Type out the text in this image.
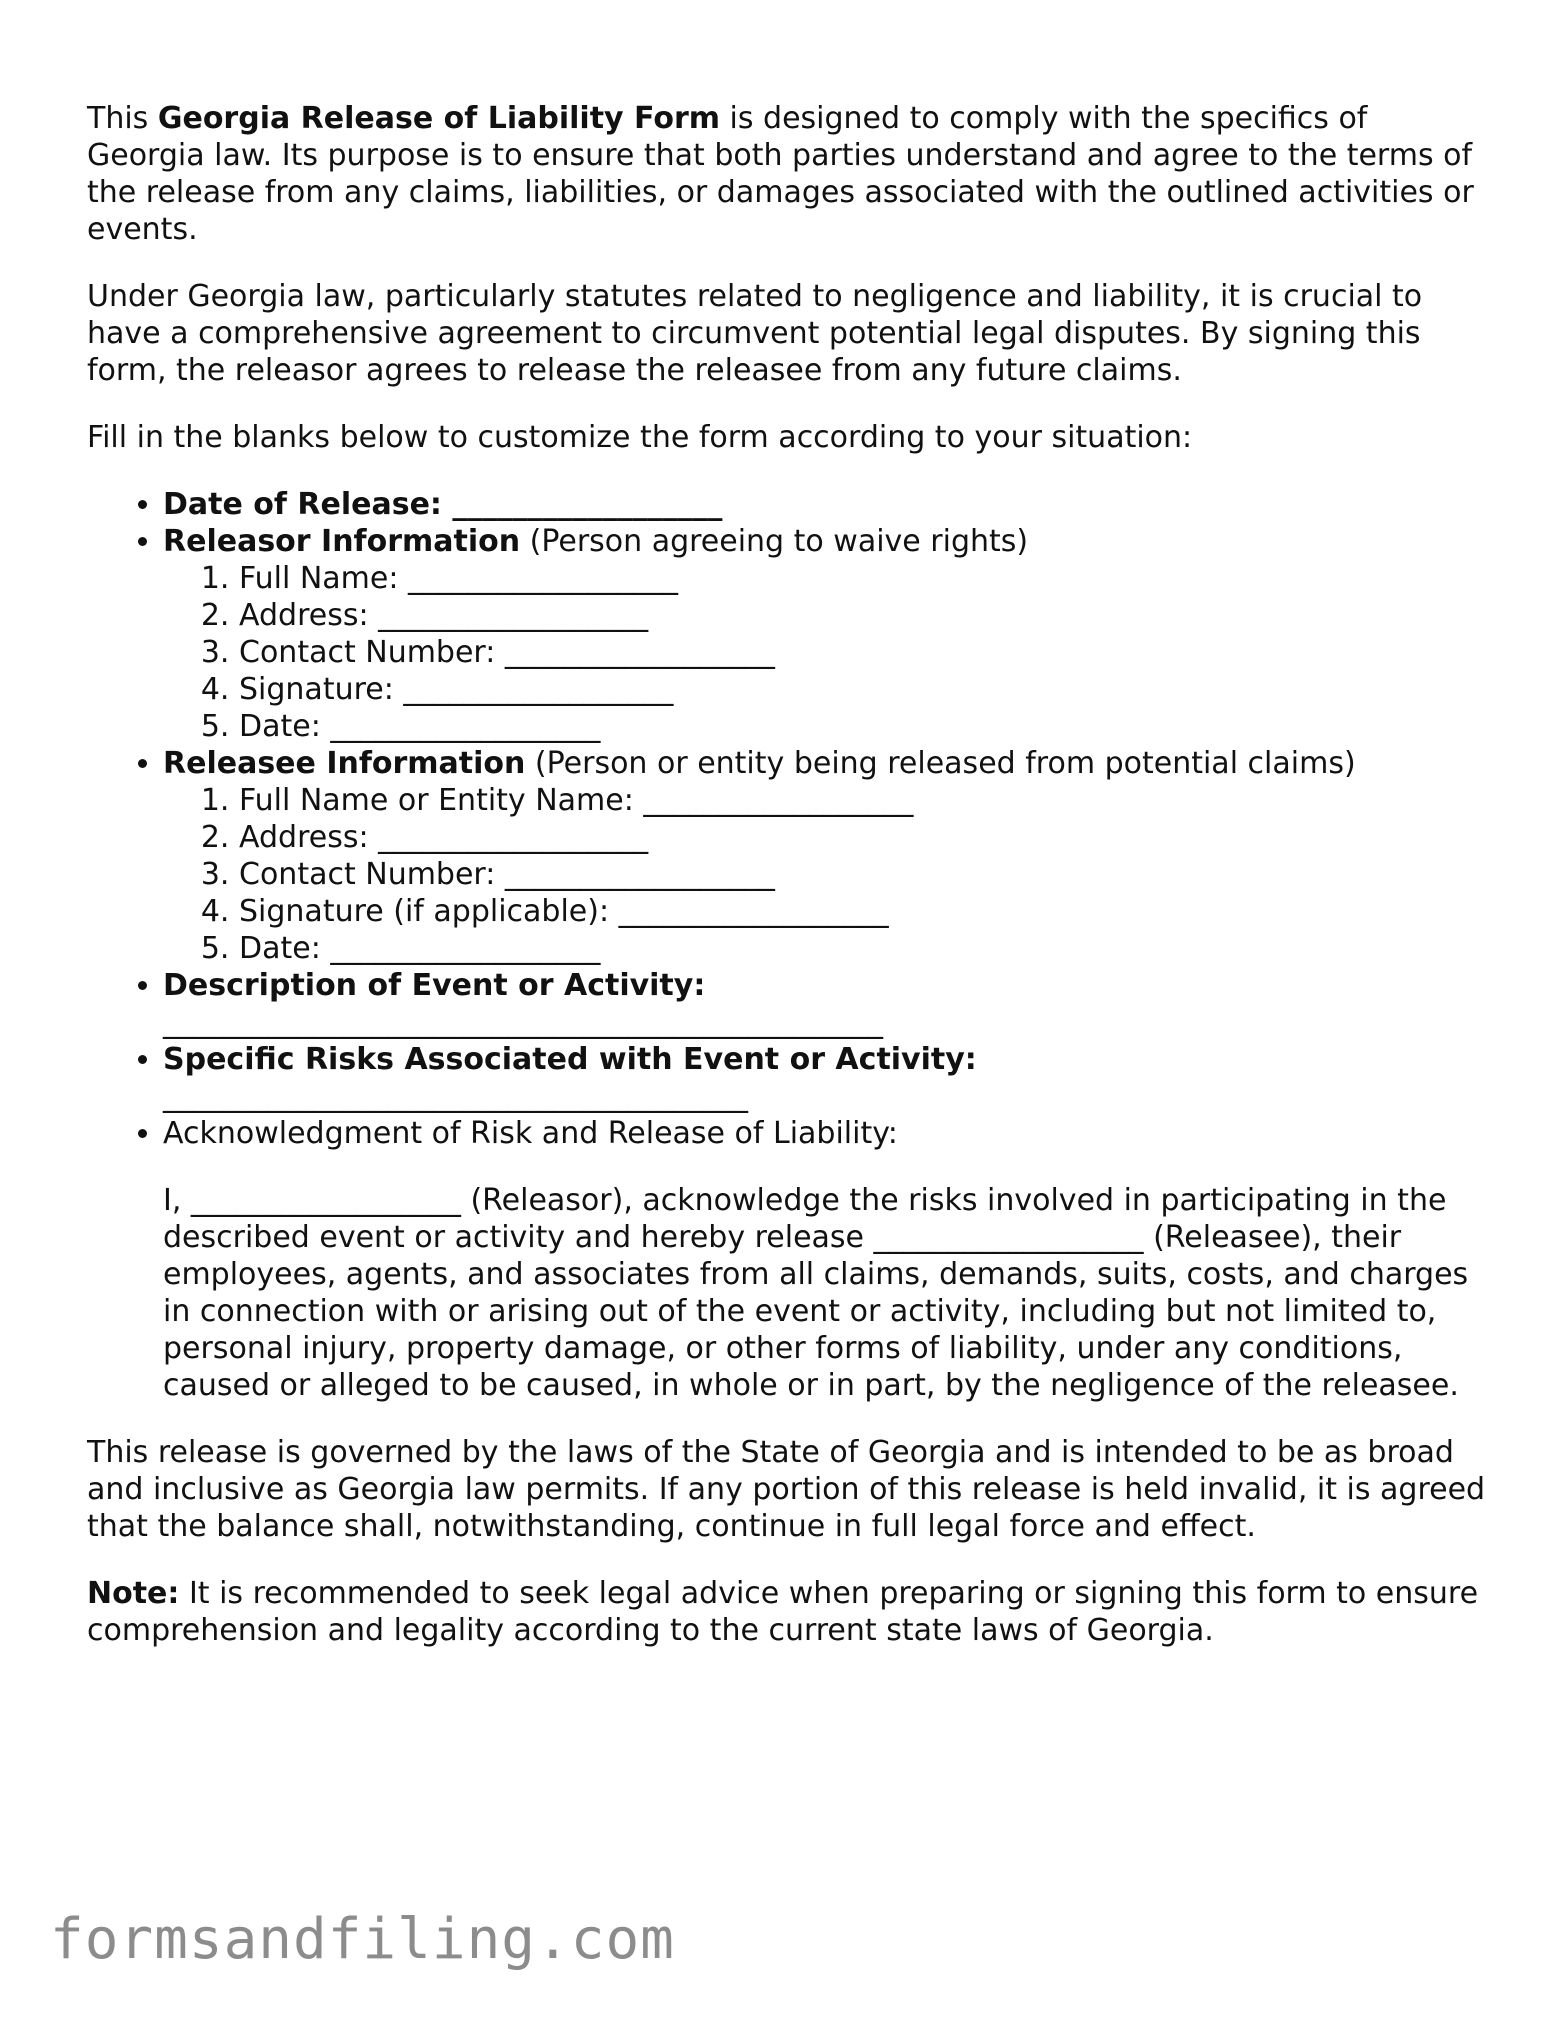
This Georgia Release of Liability Form is designed to comply with the specifics of Georgia law. Its purpose is to ensure that both parties understand and agree to the terms of the release from any claims, liabilities, or damages associated with the outlined activities or events.

Under Georgia law, particularly statutes related to negligence and liability, it is crucial to have a comprehensive agreement to circumvent potential legal disputes. By signing this form, the releasor agrees to release the releasee from any future claims.

Fill in the blanks below to customize the form according to your situation:

• Date of Release: __________________
• Releasor Information (Person agreeing to waive rights)
1. Full Name: __________________
2. Address: __________________
3. Contact Number: __________________
4. Signature: __________________
5. Date: __________________
• Releasee Information (Person or entity being released from potential claims)
1. Full Name or Entity Name: __________________
2. Address: __________________
3. Contact Number: __________________
4. Signature (if applicable): __________________
5. Date: __________________
• Description of Event or Activity:
________________________________________________
• Specific Risks Associated with Event or Activity:
_______________________________________
• Acknowledgment of Risk and Release of Liability:

I, __________________ (Releasor), acknowledge the risks involved in participating in the described event or activity and hereby release __________________ (Releasee), their employees, agents, and associates from all claims, demands, suits, costs, and charges in connection with or arising out of the event or activity, including but not limited to, personal injury, property damage, or other forms of liability, under any conditions, caused or alleged to be caused, in whole or in part, by the negligence of the releasee.

This release is governed by the laws of the State of Georgia and is intended to be as broad and inclusive as Georgia law permits. If any portion of this release is held invalid, it is agreed that the balance shall, notwithstanding, continue in full legal force and effect.

Note: It is recommended to seek legal advice when preparing or signing this form to ensure comprehension and legality according to the current state laws of Georgia.

formsandfiling.com
